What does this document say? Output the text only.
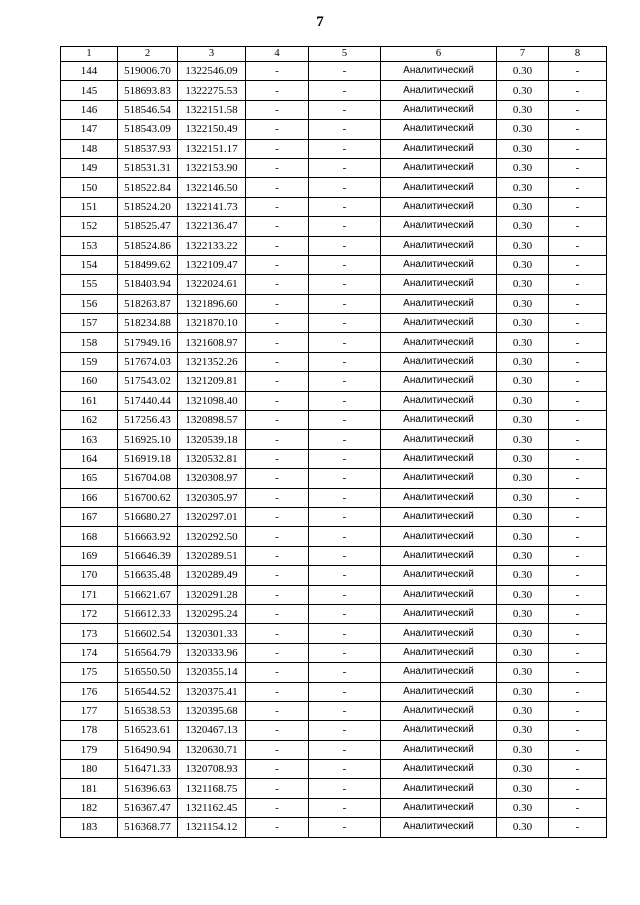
7
1	2	3	4	5	6	7	8
144	519006.70	1322546.09	-	-	Аналитический	0.30	-
145	518693.83	1322275.53	-	-	Аналитический	0.30	-
146	518546.54	1322151.58	-	-	Аналитический	0.30	-
147	518543.09	1322150.49	-	-	Аналитический	0.30	-
148	518537.93	1322151.17	-	-	Аналитический	0.30	-
149	518531.31	1322153.90	-	-	Аналитический	0.30	-
150	518522.84	1322146.50	-	-	Аналитический	0.30	-
151	518524.20	1322141.73	-	-	Аналитический	0.30	-
152	518525.47	1322136.47	-	-	Аналитический	0.30	-
153	518524.86	1322133.22	-	-	Аналитический	0.30	-
154	518499.62	1322109.47	-	-	Аналитический	0.30	-
155	518403.94	1322024.61	-	-	Аналитический	0.30	-
156	518263.87	1321896.60	-	-	Аналитический	0.30	-
157	518234.88	1321870.10	-	-	Аналитический	0.30	-
158	517949.16	1321608.97	-	-	Аналитический	0.30	-
159	517674.03	1321352.26	-	-	Аналитический	0.30	-
160	517543.02	1321209.81	-	-	Аналитический	0.30	-
161	517440.44	1321098.40	-	-	Аналитический	0.30	-
162	517256.43	1320898.57	-	-	Аналитический	0.30	-
163	516925.10	1320539.18	-	-	Аналитический	0.30	-
164	516919.18	1320532.81	-	-	Аналитический	0.30	-
165	516704.08	1320308.97	-	-	Аналитический	0.30	-
166	516700.62	1320305.97	-	-	Аналитический	0.30	-
167	516680.27	1320297.01	-	-	Аналитический	0.30	-
168	516663.92	1320292.50	-	-	Аналитический	0.30	-
169	516646.39	1320289.51	-	-	Аналитический	0.30	-
170	516635.48	1320289.49	-	-	Аналитический	0.30	-
171	516621.67	1320291.28	-	-	Аналитический	0.30	-
172	516612.33	1320295.24	-	-	Аналитический	0.30	-
173	516602.54	1320301.33	-	-	Аналитический	0.30	-
174	516564.79	1320333.96	-	-	Аналитический	0.30	-
175	516550.50	1320355.14	-	-	Аналитический	0.30	-
176	516544.52	1320375.41	-	-	Аналитический	0.30	-
177	516538.53	1320395.68	-	-	Аналитический	0.30	-
178	516523.61	1320467.13	-	-	Аналитический	0.30	-
179	516490.94	1320630.71	-	-	Аналитический	0.30	-
180	516471.33	1320708.93	-	-	Аналитический	0.30	-
181	516396.63	1321168.75	-	-	Аналитический	0.30	-
182	516367.47	1321162.45	-	-	Аналитический	0.30	-
183	516368.77	1321154.12	-	-	Аналитический	0.30	-
